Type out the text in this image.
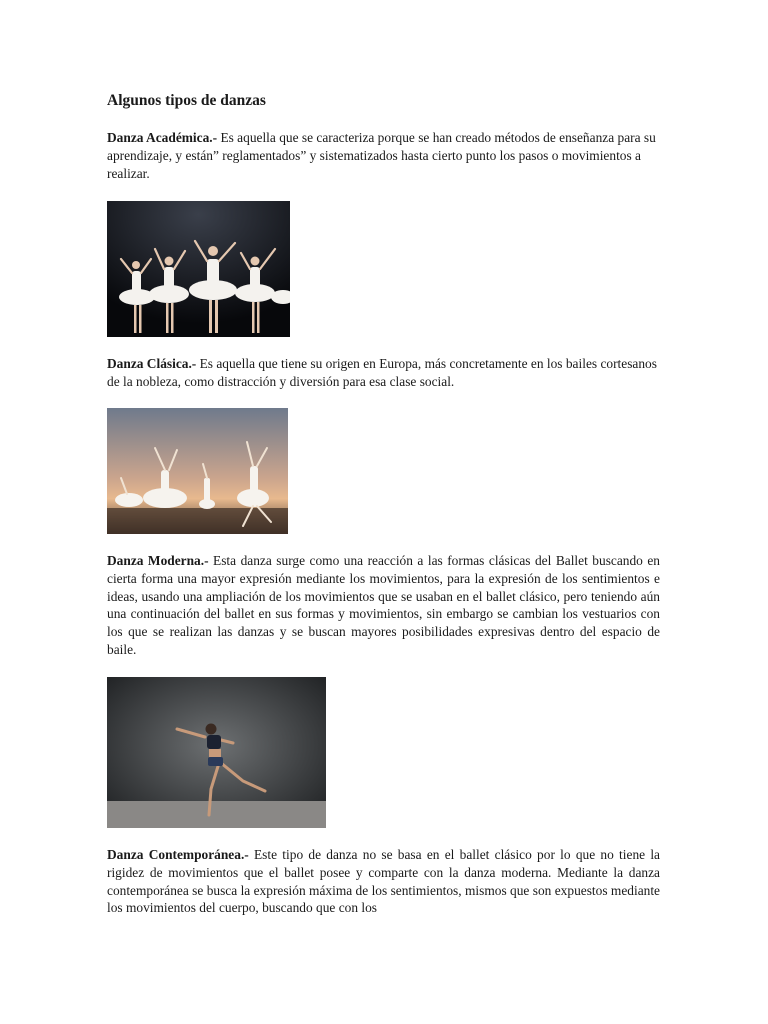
Algunos tipos de danzas

Danza Académica.- Es aquella que se caracteriza porque se han creado métodos de enseñanza para su aprendizaje, y están” reglamentados” y sistematizados hasta cierto punto los pasos o movimientos a realizar.

Danza Clásica.- Es aquella que tiene su origen en Europa, más concretamente en los bailes cortesanos de la nobleza, como distracción y diversión para esa clase social.

Danza Moderna.- Esta danza surge como una reacción a las formas clásicas del Ballet buscando en cierta forma una mayor expresión mediante los movimientos, para la expresión de los sentimientos e ideas, usando una ampliación de los movimientos que se usaban en el ballet clásico, pero teniendo aún una continuación del ballet en sus formas y movimientos, sin embargo se cambian los vestuarios con los que se realizan las danzas y se buscan mayores posibilidades expresivas dentro del espacio de baile.

Danza Contemporánea.- Este tipo de danza no se basa en el ballet clásico por lo que no tiene la rigidez de movimientos que el ballet posee y comparte con la danza moderna. Mediante la danza contemporánea se busca la expresión máxima de los sentimientos, mismos que son expuestos mediante los movimientos del cuerpo, buscando que con los
